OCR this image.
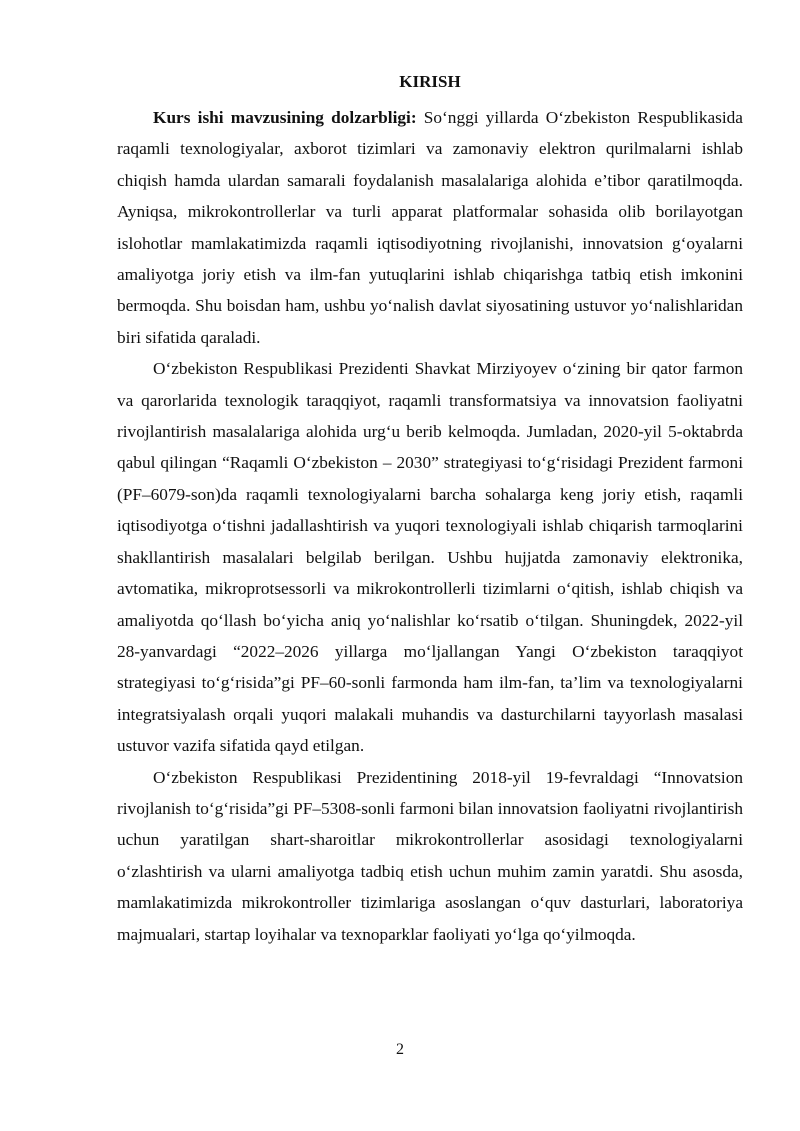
KIRISH

Kurs ishi mavzusining dolzarbligi: So‘nggi yillarda O‘zbekiston Respublikasida raqamli texnologiyalar, axborot tizimlari va zamonaviy elektron qurilmalarni ishlab chiqish hamda ulardan samarali foydalanish masalalariga alohida e’tibor qaratilmoqda. Ayniqsa, mikrokontrollerlar va turli apparat platformalar sohasida olib borilayotgan islohotlar mamlakatimizda raqamli iqtisodiyotning rivojlanishi, innovatsion g‘oyalarni amaliyotga joriy etish va ilm-fan yutuqlarini ishlab chiqarishga tatbiq etish imkonini bermoqda. Shu boisdan ham, ushbu yo‘nalish davlat siyosatining ustuvor yo‘nalishlaridan biri sifatida qaraladi.

O‘zbekiston Respublikasi Prezidenti Shavkat Mirziyoyev o‘zining bir qator farmon va qarorlarida texnologik taraqqiyot, raqamli transformatsiya va innovatsion faoliyatni rivojlantirish masalalariga alohida urg‘u berib kelmoqda. Jumladan, 2020-yil 5-oktabrda qabul qilingan “Raqamli O‘zbekiston – 2030” strategiyasi to‘g‘risidagi Prezident farmoni (PF–6079-son)da raqamli texnologiyalarni barcha sohalarga keng joriy etish, raqamli iqtisodiyotga o‘tishni jadallashtirish va yuqori texnologiyali ishlab chiqarish tarmoqlarini shakllantirish masalalari belgilab berilgan. Ushbu hujjatda zamonaviy elektronika, avtomatika, mikroprotsessorli va mikrokontrollerli tizimlarni o‘qitish, ishlab chiqish va amaliyotda qo‘llash bo‘yicha aniq yo‘nalishlar ko‘rsatib o‘tilgan. Shuningdek, 2022-yil 28-yanvardagi “2022–2026 yillarga mo‘ljallangan Yangi O‘zbekiston taraqqiyot strategiyasi to‘g‘risida”gi PF–60-sonli farmonda ham ilm-fan, ta’lim va texnologiyalarni integratsiyalash orqali yuqori malakali muhandis va dasturchilarni tayyorlash masalasi ustuvor vazifa sifatida qayd etilgan.

O‘zbekiston Respublikasi Prezidentining 2018-yil 19-fevraldagi “Innovatsion rivojlanish to‘g‘risida”gi PF–5308-sonli farmoni bilan innovatsion faoliyatni rivojlantirish uchun yaratilgan shart-sharoitlar mikrokontrollerlar asosidagi texnologiyalarni o‘zlashtirish va ularni amaliyotga tadbiq etish uchun muhim zamin yaratdi. Shu asosda, mamlakatimizda mikrokontroller tizimlariga asoslangan o‘quv dasturlari, laboratoriya majmualari, startap loyihalar va texnoparklar faoliyati yo‘lga qo‘yilmoqda.

2
